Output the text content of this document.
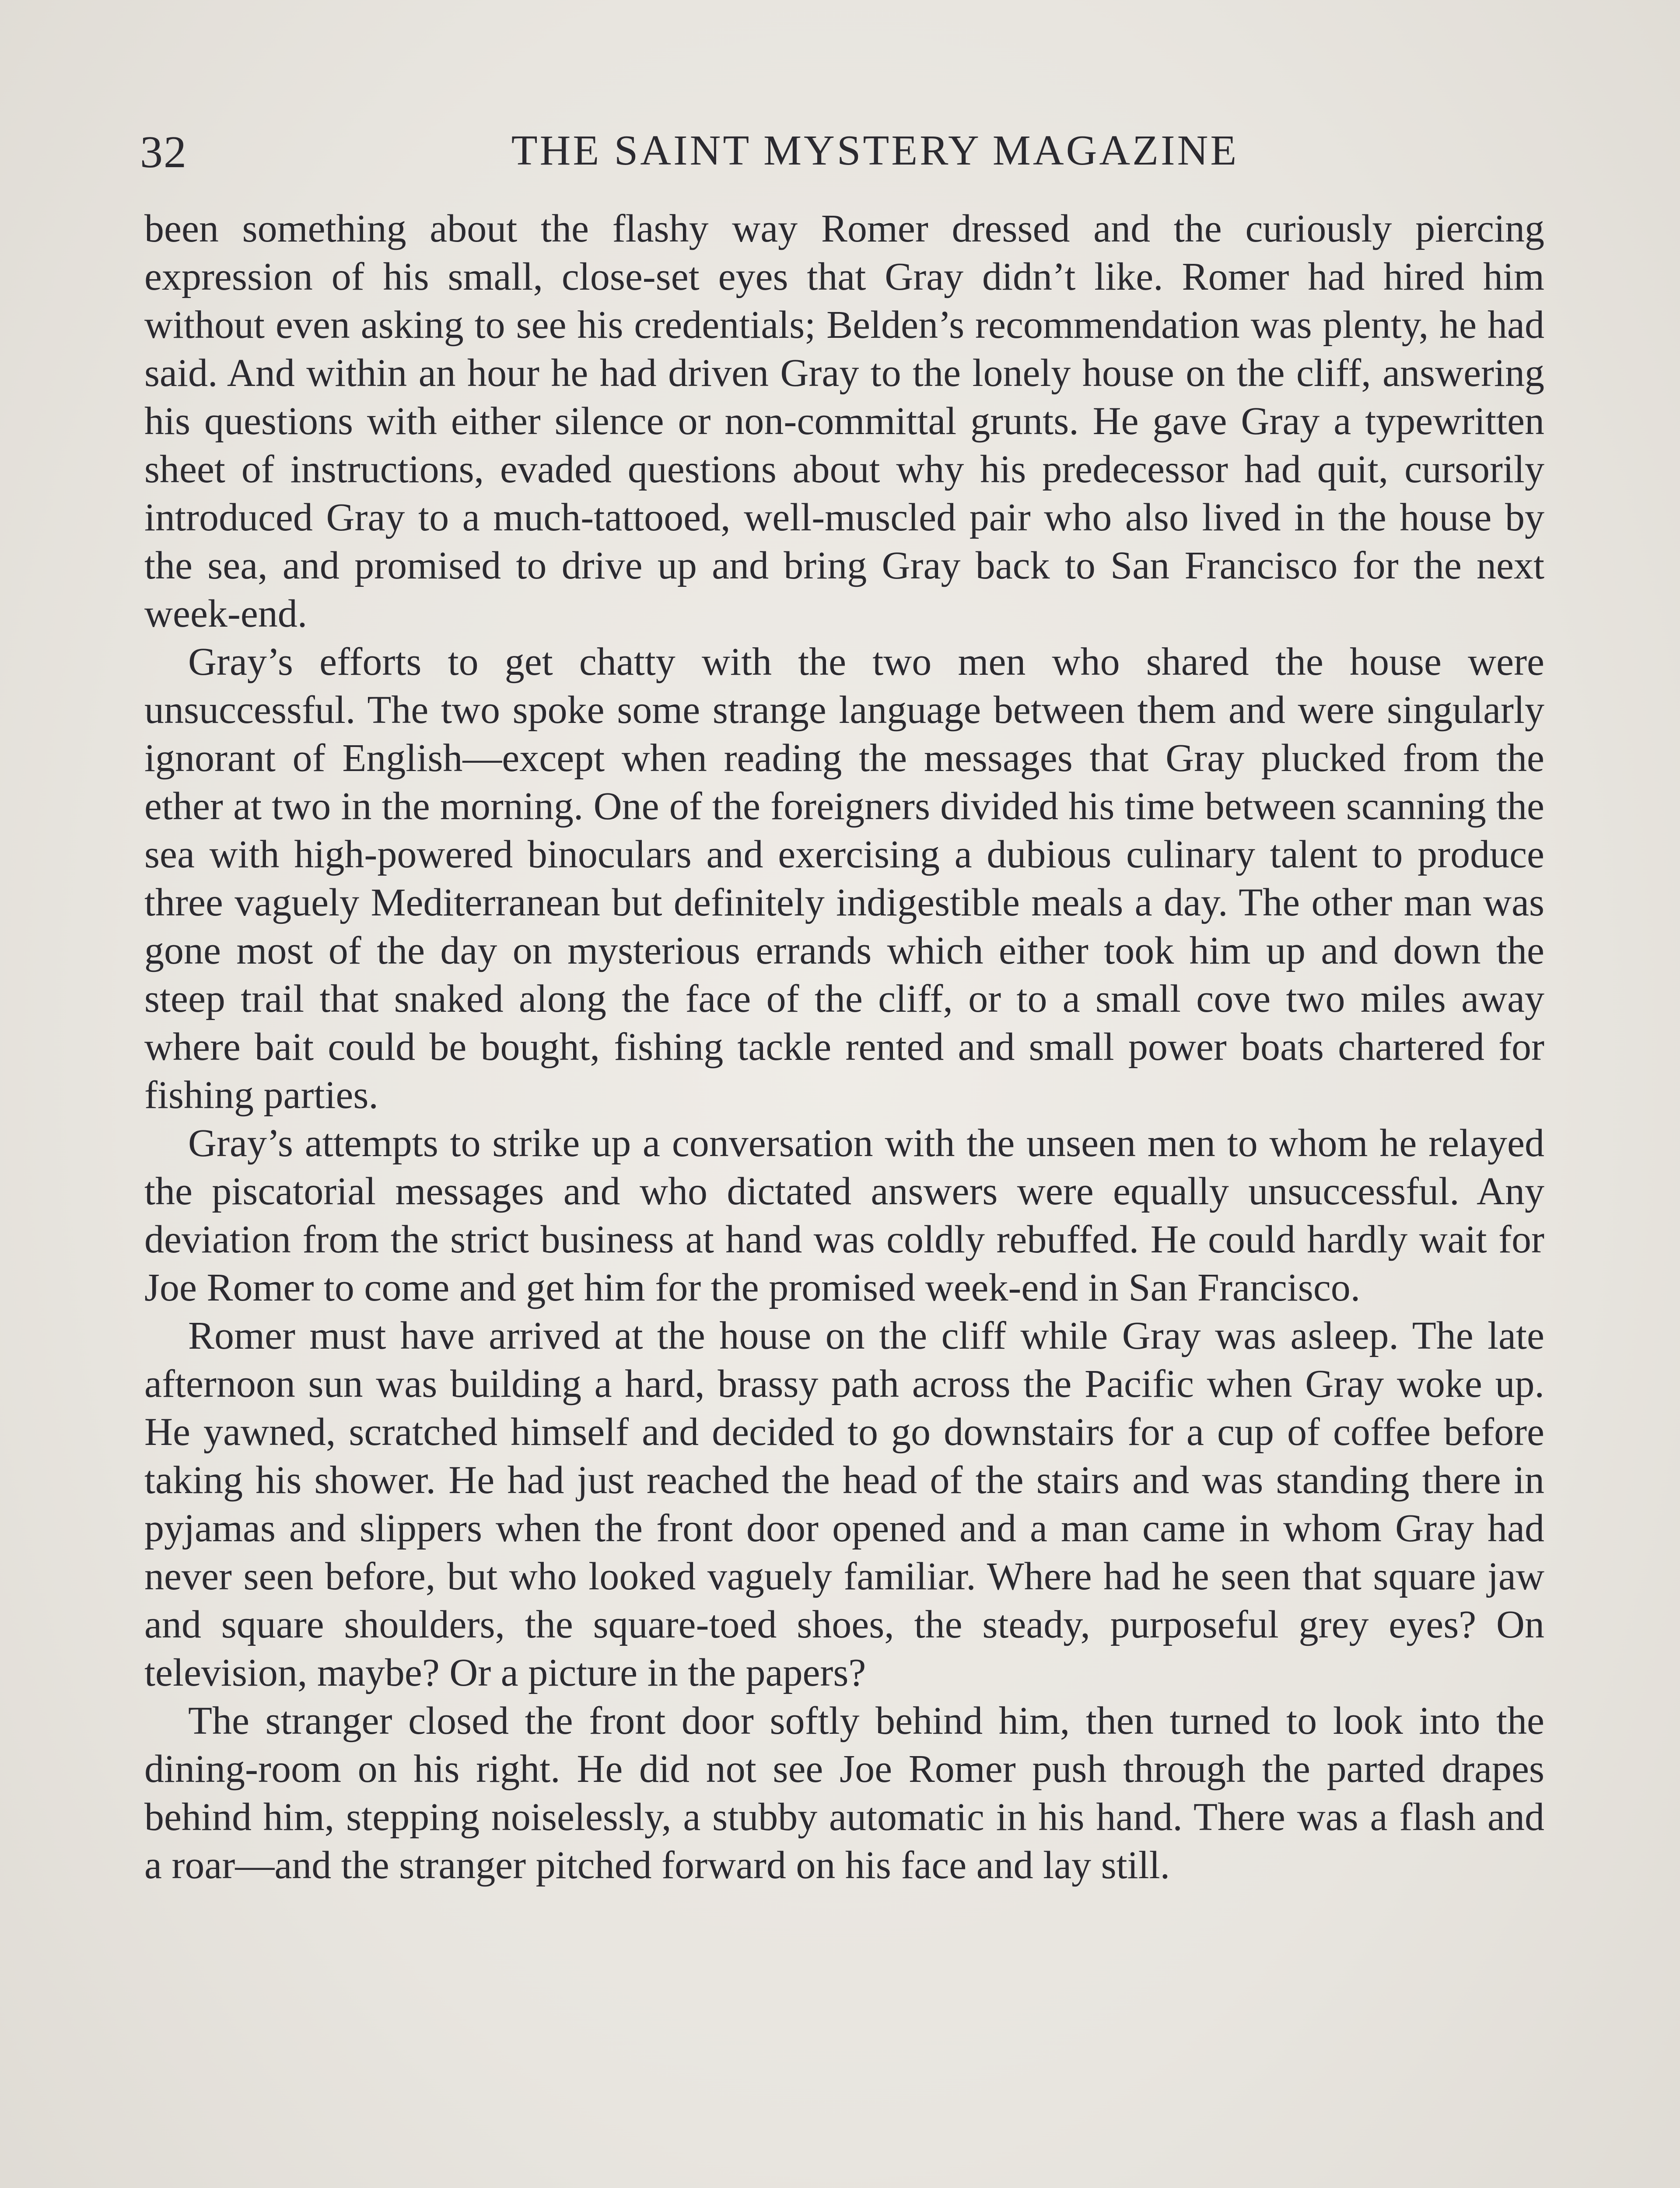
32	THE SAINT MYSTERY MAGAZINE

been something about the flashy way Romer dressed and the curiously piercing expression of his small, close-set eyes that Gray didn’t like. Romer had hired him without even asking to see his credentials; Belden’s recommendation was plenty, he had said. And within an hour he had driven Gray to the lonely house on the cliff, answering his questions with either silence or non-committal grunts. He gave Gray a typewritten sheet of instructions, evaded questions about why his predecessor had quit, cursorily introduced Gray to a much-tattooed, well-muscled pair who also lived in the house by the sea, and promised to drive up and bring Gray back to San Francisco for the next week-end.

Gray’s efforts to get chatty with the two men who shared the house were unsuccessful. The two spoke some strange language between them and were singularly ignorant of English—except when reading the messages that Gray plucked from the ether at two in the morning. One of the foreigners divided his time between scanning the sea with high-powered binoculars and exercising a dubious culinary talent to produce three vaguely Mediterranean but definitely indigestible meals a day. The other man was gone most of the day on mysterious errands which either took him up and down the steep trail that snaked along the face of the cliff, or to a small cove two miles away where bait could be bought, fishing tackle rented and small power boats chartered for fishing parties.

Gray’s attempts to strike up a conversation with the unseen men to whom he relayed the piscatorial messages and who dictated answers were equally unsuccessful. Any deviation from the strict business at hand was coldly rebuffed. He could hardly wait for Joe Romer to come and get him for the promised week-end in San Francisco.

Romer must have arrived at the house on the cliff while Gray was asleep. The late afternoon sun was building a hard, brassy path across the Pacific when Gray woke up. He yawned, scratched himself and decided to go downstairs for a cup of coffee before taking his shower. He had just reached the head of the stairs and was standing there in pyjamas and slippers when the front door opened and a man came in whom Gray had never seen before, but who looked vaguely familiar. Where had he seen that square jaw and square shoulders, the square-toed shoes, the steady, purposeful grey eyes? On television, maybe? Or a picture in the papers?

The stranger closed the front door softly behind him, then turned to look into the dining-room on his right. He did not see Joe Romer push through the parted drapes behind him, stepping noiselessly, a stubby automatic in his hand. There was a flash and a roar—and the stranger pitched forward on his face and lay still.
